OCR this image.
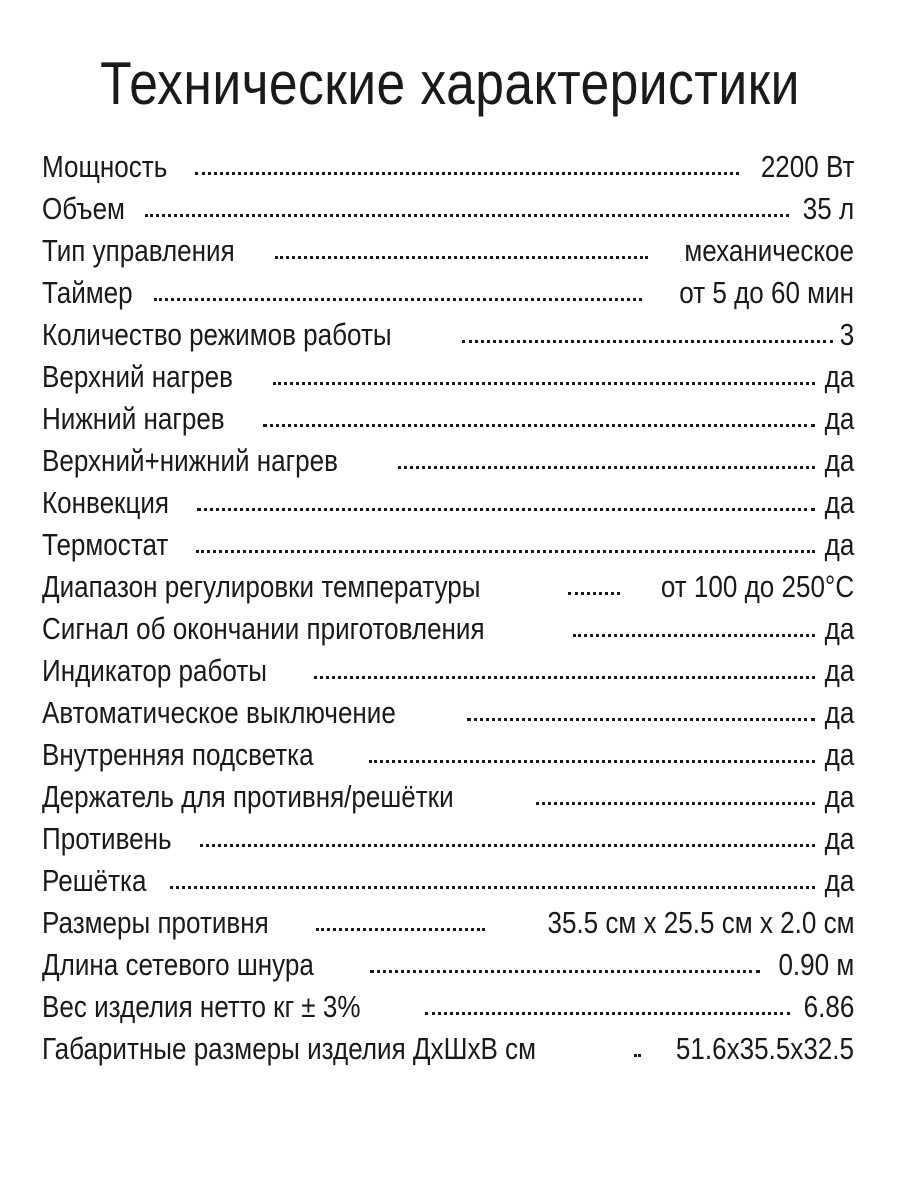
Технические характеристики
Мощность	2200 Вт
Объем	35 л
Тип управления	механическое
Таймер	от 5 до 60 мин
Количество режимов работы	3
Верхний нагрев	да
Нижний нагрев	да
Верхний+нижний нагрев	да
Конвекция	да
Термостат	да
Диапазон регулировки температуры	от 100 до 250°С
Сигнал об окончании приготовления	да
Индикатор работы	да
Автоматическое выключение	да
Внутренняя подсветка	да
Держатель для противня/решётки	да
Противень	да
Решётка	да
Размеры противня	35.5 см х 25.5 см х 2.0 см
Длина сетевого шнура	0.90 м
Вес изделия нетто кг ± 3%	6.86
Габаритные размеры изделия ДхШхВ см	51.6х35.5х32.5
